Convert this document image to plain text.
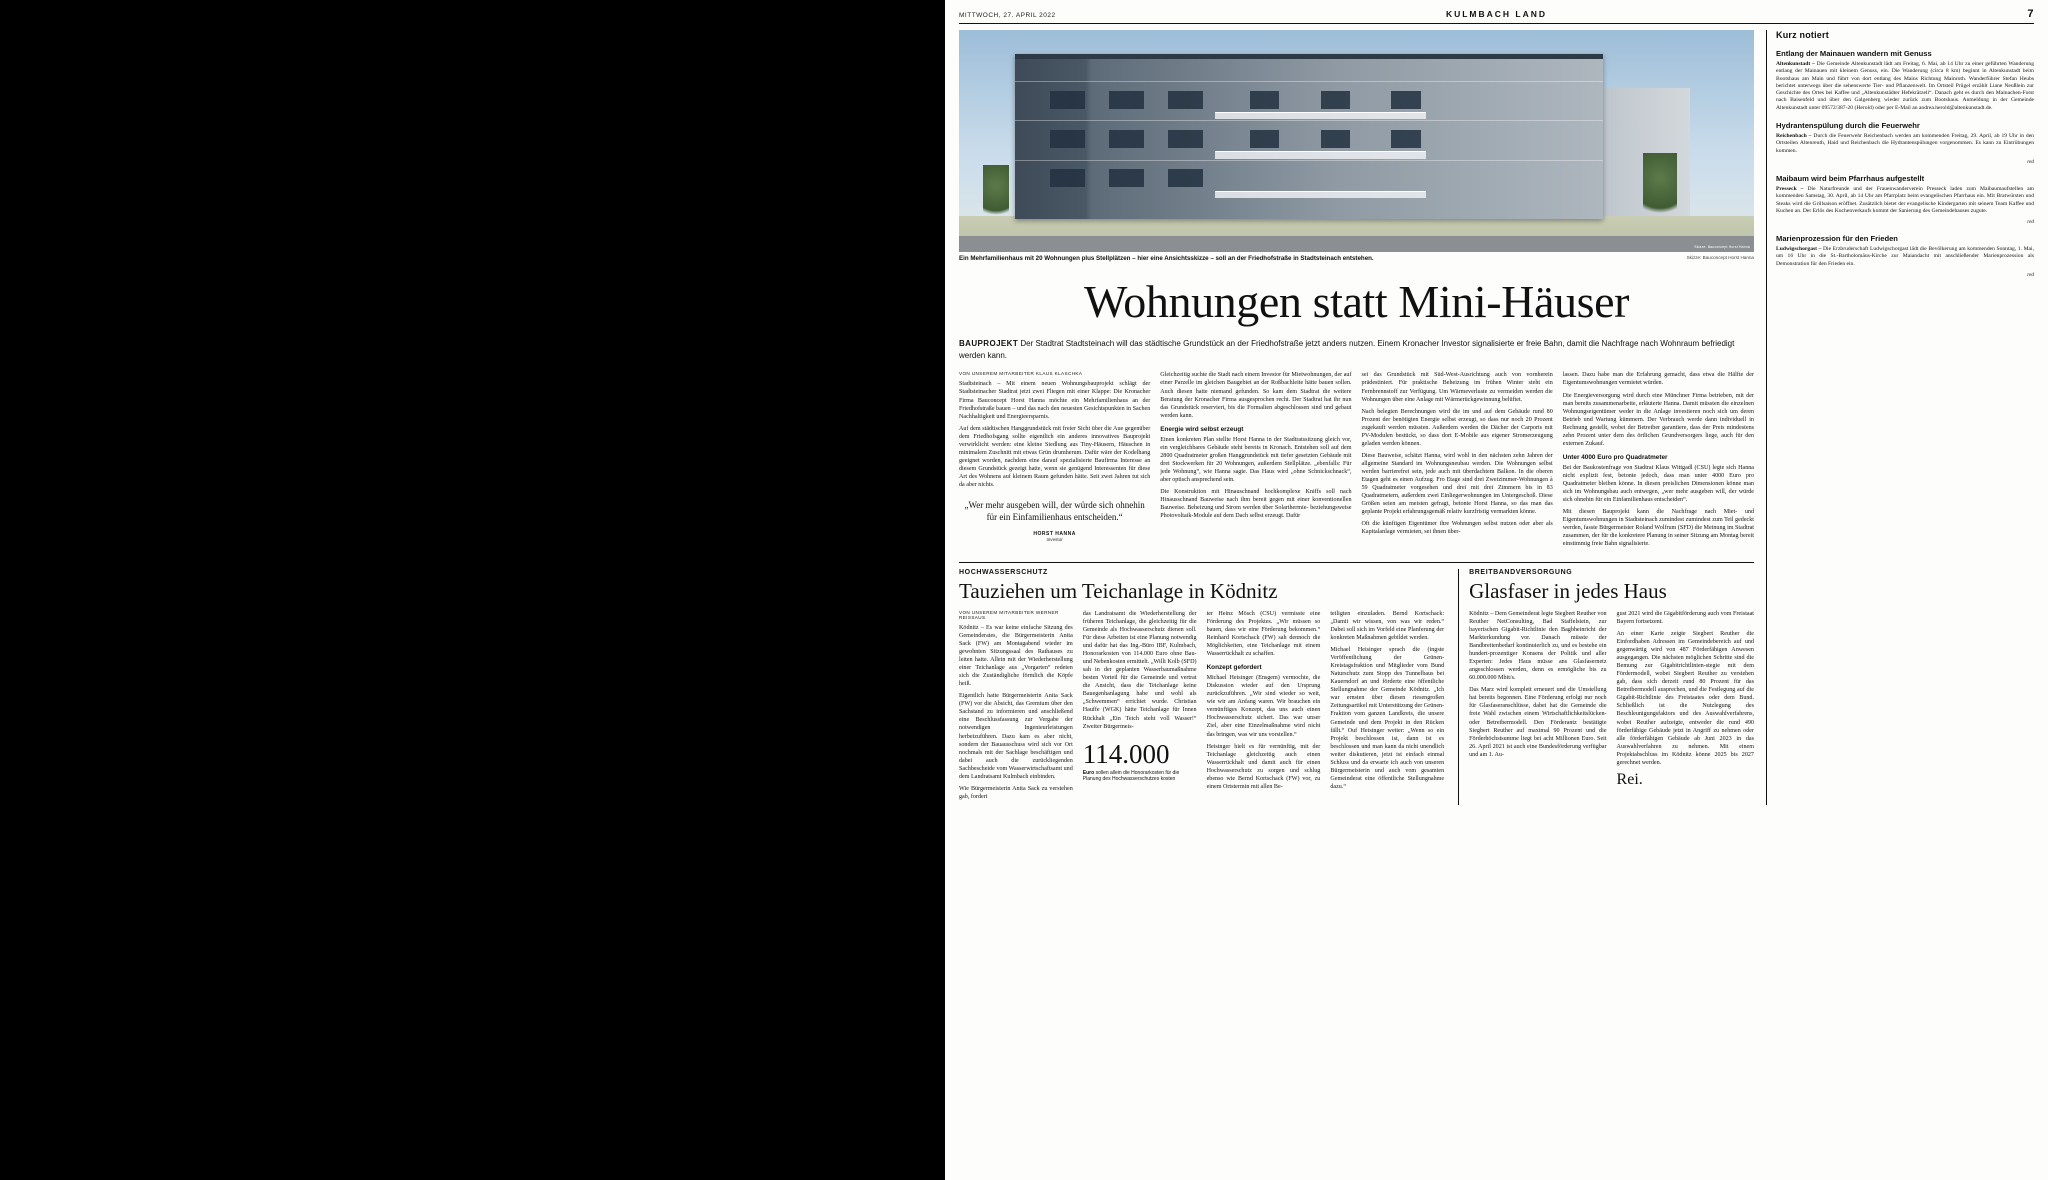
MITTWOCH, 27. APRIL 2022	KULMBACH LAND	7
Skizze: Bauconcept Horst Hanna
Ein Mehrfamilienhaus mit 20 Wohnungen plus Stellplätzen – hier eine Ansichtsskizze – soll an der Friedhofstraße in Stadtsteinach entstehen.	Skizze: Bauconcept Horst Hanna
Wohnungen statt Mini-Häuser

BAUPROJEKT Der Stadtrat Stadtsteinach will das städtische Grundstück an der Friedhofstraße jetzt anders nutzen. Einem Kronacher Investor signalisierte er freie Bahn, damit die Nachfrage nach Wohnraum befriedigt werden kann.

VON UNSEREM MITARBEITER KLAUS KLASCHKA

Stadtsteinach – Mit einem neuen Wohnungsbauprojekt schlägt der Stadtsteinacher Stadtrat jetzt zwei Fliegen mit einer Klappe: Die Kronacher Firma Bauconcept Horst Hanna möchte ein Mehrfamilienhaus an der Friedhofstraße bauen – und das nach den neuesten Gesichtspunkten in Sachen Nachhaltigkeit und Energieersparnis.

Auf dem städtischen Hanggrundstück mit freier Sicht über die Aue gegenüber dem Friedhofsgang sollte eigentlich ein anderes innovatives Bauprojekt verwirklicht werden: eine kleine Siedlung aus Tiny-Häusern, Häuschen in minimalem Zuschnitt mit etwas Grün drumherum. Dafür wäre der Kodelhang geeignet worden, nachdem eine darauf spezialisierte Baufirma Interesse an diesem Grundstück gezeigt hatte, wenn sie genügend Interessenten für diese Art des Wohnens auf kleinem Raum gefunden hätte. Seit zwei Jahren tut sich da aber nichts.

„Wer mehr ausgeben will, der würde sich ohnehin für ein Einfamilienhaus entscheiden.“
HORST HANNA
Investor

Gleichzeitig suchte die Stadt nach einem Investor für Mietwohnungen, der auf einer Parzelle im gleichen Baugebiet an der Roßbachleite hätte bauen sollen. Auch diesen hatte niemand gefunden. So kam dem Stadtrat die weitere Beratung der Kronacher Firma ausgesprochen recht. Der Stadtrat hat ihr nun das Grundstück reserviert, bis die Formalien abgeschlossen sind und gebaut werden kann.

Energie wird selbst erzeugt

Einen konkreten Plan stellte Horst Hanna in der Stadtratssitzung gleich vor, ein vergleichbares Gebäude steht bereits in Kronach. Entstehen soll auf dem 2800 Quadratmeter großen Hanggrundstück mit tiefer gesetzten Gebäude mit drei Stockwerken für 20 Wohnungen, außerdem Stellplätze. „ebenfalls: Für jede Wohnung“, wie Hanna sagte. Das Haus wird „ohne Schnickschnack“, aber optisch ansprechend sein.

Die Konstruktion mit Hinauschnand hochkomplexe Kniffs soll nach Hinausschnand Bauweise nach ihm bereit gegen mit einer konventionellen Bauweise. Beheizung und Strom werden über Solarthermie- beziehungsweise Photovoltaik-Module auf dem Dach selbst erzeugt. Dafür

sei das Grundstück mit Süd-West-Ausrichtung auch von vornherein prädestiniert. Für praktische Beheizung im frühen Winter steht ein Fernbrennstoff zur Verfügung. Um Wärmeverluste zu vermeiden werden die Wohnungen über eine Anlage mit Wärmerückgewinnung belüftet.

Nach belegten Berechnungen wird die im und auf dem Gebäude rund 80 Prozent der benötigten Energie selbst erzeugt, so dass nur noch 20 Prozent zugekauft werden müssten. Außerdem werden die Dächer der Carports mit PV-Modulen bestückt, so dass dort E-Mobile aus eigener Stromerzeugung geladen werden können.

Diese Bauweise, schätzt Hanna, wird wohl in den nächsten zehn Jahren der allgemeine Standard im Wohnungsneubau werden. Die Wohnungen selbst werden barrierefrei sein, jede auch mit überdachtem Balkon. In die oberen Etagen geht es einen Aufzug. Fro Etage sind drei Zweizimmer-Wohnungen à 59 Quadratmeter vorgesehen und drei mit drei Zimmern bis in 83 Quadratmetern, außerdem zwei Einliegerwohnungen im Untergeschoß. Diese Größen seien am meisten gefragt, betonte Horst Hanna, so das man das geplante Projekt erfahrungsgemäß relativ kurzfristig vermarkten könne.

Oft die künftigen Eigentümer ihre Wohnungen selbst nutzen oder aber als Kapitalanlage vermieten, sei ihnen über-

lassen. Dazu habe man die Erfahrung gemacht, dass etwa die Hälfte der Eigentumswohnungen vermietet würden.

Die Energieversorgung wird durch eine Münchner Firma betrieben, mit der man bereits zusammenarbeite, erläuterte Hanna. Damit müssten die einzelnen Wohnungseigentümer weder in die Anlage investieren noch sich um deren Betrieb und Wartung kümmern. Der Verbrauch werde dann individuell in Rechnung gestellt, wobei der Betreiber garantiere, dass der Preis mindestens zehn Prozent unter dem des örtlichen Grundversorgers liege, auch für den externen Zukauf.

Unter 4000 Euro pro Quadratmeter

Bei der Baukostenfrage von Stadtrat Klaus Wittgadl (CSU) legte sich Hanna nicht explizit fest, betonte jedoch, dass man unter 4000 Euro pro Quadratmeter bleiben könne. In diesen preislichen Dimensionen könne man sich im Wohnungsbau auch entwegen, „wer mehr ausgeben will, der würde sich ohnehin für ein Einfamilienhaus entscheiden“.

Mit diesen Bauprojekt kann die Nachfrage nach Miet- und Eigentumswohnungen in Stadtsteinach zumindest zumindest zum Teil gedeckt werden, fasste Bürgermeister Roland Wolfrum (SFD) die Meinung im Stadtrat zusammen, der für die konkretere Planung in seiner Sitzung am Montag bereit einstimmig freie Bahn signalisierte.

HOCHWASSERSCHUTZ
Tauziehen um Teichanlage in Ködnitz
VON UNSEREM MITARBEITER WERNER REISSAUS

Ködnitz – Es war keine einfache Sitzung des Gemeinderates, die Bürgermeisterin Anita Sack (FW) am Montagabend wieder im gewohnten Sitzungssaal des Rathauses zu leiten hatte. Allein mit der Wiederherstellung einer Teichanlage aus „Vorgarten“ redeten sich die Zuständigliche förmlich die Köpfe heiß.

Eigentlich hatte Bürgermeisterin Anita Sack (FW) vor die Absicht, das Gremium über den Sachstand zu informieren und anschließend eine Beschlussfassung zur Vergabe der notwendigen Ingenieurleistungen herbeizuführen. Dazu kam es aber nicht, sondern der Bauausschuss wird sich vor Ort nochmals mit der Sachlage beschäftigen und dabei auch die zurückliegenden Sachbescheide vom Wasserwirtschaftsamt und dem Landratsamt Kulmbach einbinden.

Wie Bürgermeisterin Anita Sack zu verstehen gab, fordert

das Landratsamt die Wiederherstellung der früheren Teichanlage, die gleichzeitig für die Gemeinde als Hochwasserschutz dienen soll. Für diese Arbeiten ist eine Planung notwendig und dafür hat das Ing.-Büro IBF, Kulmbach, Honorarkosten von 114.000 Euro ohne Bau- und Nebenkosten ermittelt. „Willi Kolb (SFD) sah in der geplanten Wasserbaumaßnahme besten Vorteil für die Gemeinde und vertrat die Ansicht, dass die Teichanlage keine Bauegenhanlagung habe und wohl als „Schwemmen“ errichtet wurde. Christian Hauffe (WGK) hätte Teichanlage für Innen Rückhalt „Ein Teich steht voll Wasser!“ Zweiter Bürgermeis-

114.000
Euro sollen allein die Honorarkosten für die Planung des Hochwasserschutzes kosten

ter Heinz Mösch (CSU) vermisste eine Förderung des Projektes. „Wir müssen so bauen, dass wir eine Förderung bekommen.“ Reinhard Kortschack (FW) sah dennoch die Möglichkeiten, eine Teichanlage mit einem Wasserrückhalt zu schaffen.

Konzept gefordert

Michael Heisinger (Ensgem) vermochte, die Diskussion wieder auf den Ursprung zurückzuführen. „Wir sind wieder so weit, wie wir am Anfang waren. Wir brauchen ein vernünftiges Konzept, das uns auch einen Hochwasserschutz sichert. Das war unser Ziel, aber eine Einzelmaßnahme wird nicht das bringen, was wir uns vorstellen.“

Heisinger hielt es für vernünftig, mit der Teichanlage gleichzeitig auch einen Wasserrückhalt und damit auch für einen Hochwasserschutz zu sorgen und schlug ebenso wie Bernd Kortschack (FW) vor, zu einem Ortstermin mit allen Be-

teiligten einzuladen. Bernd Kortschack: „Damit wir wissen, von was wir reden.“ Dabei soll sich im Vorfeld eine Planferung der konkreten Maßnahmen gebildet werden.

Michael Heisinger sprach die (ingste Veröffentlichung der Grünen-Kreistagsfraktion und Mitglieder vom Bund Naturschutz zum Stopp des Tunnelbaus bei Kauerndorf an und förderte eine öffentliche Stellungnahme der Gemeinde Ködnitz. „Ich war ernsten über diesen riesengroßen Zeitungsartikel mit Unterstützung der Grünen-Fraktion vom ganzen Landkreis, die unsere Gemeinde und dem Projekt in den Rücken fällt.“ Ouf Heisinger weiter: „Wenn so ein Projekt beschlossen ist, dann ist es beschlossen und man kann da nicht unendlich weiter diskutieren, jetzt ist einfach einmal Schluss und da erwarte ich auch von unseren Bürgermeisterin und auch vom gesamten Gemeinderat eine öffentliche Stellungnahme dazu.“

BREITBANDVERSORGUNG
Glasfaser in jedes Haus

Ködnitz – Dem Gemeinderat legte Siegbert Reuther von Reuther NetConsulting, Bad Staffelstein, zur bayerischen Gigabit-Richtlinie den Bagbheinricht der Markterkundung vor. Danach müsste der Bandbreitenbedarf kontinuierlich zu, und es bestehe ein hundert-prozentiger Konsens der Politik und aller Experten: Jedes Haus müsse ans Glasfasernetz angeschlossen werden, denn es ermögliche bis zu 60.000.000 Mbit/s.

Das Marz wird komplett erneuert und die Umstellung hat bereits begonnen. Eine Förderung erfolgt nur noch für Glasfaseranschlüsse, dabei hat die Gemeinde die freie Wahl zwischen einem Wirtschaftlichkeitslücken- oder Betreibermodell. Den Förderantz bestätigte Siegbert Reuther auf maximal 90 Prozent und die Förderhöchstsumme liegt bei acht Millionen Euro. Seit 26. April 2021 ist auch eine Bundesförderung verfügbar und am 1. Au-

gust 2021 wird die Gigabitförderung auch vom Freistaat Bayern fortsetzent.

An einer Karte zeigte Siegbert Reuther die Einfordhaben Adressen im Gemeindebereich auf und gegenwärtig wird von 487 Förderfähigen Anwesen ausgegangen. Die nächsten möglichen Schritte sind die Bemung zur Gigabitrichtlinien-stegie mit dem Fördermodell, wobei Siegbert Reuther zu verstehen gab, dass sich derzeit rund 80 Prozent für das Betreibermodell ausprechen, und die Festlegung auf die Gigabit-Richtlinie des Freistaates oder dem Bund. Schließlich ist die Nutzlegung des Beschleunigungsfaktors und des Auswahlverfahrens, wobei Reuther aufzeigte, entweder die rund 490 förderfähige Gebäude jetzt in Angriff zu nehmen oder alle förderfähigen Gebäude ab Juni 2023 in das Auswahlverfahren zu nehmen. Mit einem Projektabschluss im Ködnitz könne 2025 bis 2027 gerechnet werden.

Rei.
Kurz notiert
Entlang der Mainauen wandern mit Genuss

Altenkunstadt – Die Gemeinde Altenkunstadt lädt am Freitag, 6. Mai, ab 14 Uhr zu einer geführten Wanderung entlang der Mainauen mit kleinem Genuss, ein. Die Wanderung (circa 8 km) beginnt in Altenkunstadt beim Bootshaus am Main und führt von dort entlang des Mains Richtung Mainroth. Wanderführer Stefan Heubs berichtet unterwegs über die sehenswerte Tier- und Pflanzenwelt. Im Ortsteil Prügel erzählt Liane Neußlein zur Geschichte des Ortes bei Kaffee und „Altenkunstädter Hefekrätzeli“. Danach geht es durch den Mainachen-Forst nach Baisenfeld und über den Galgenberg wieder zurück zum Bootshaus. Anmeldung in der Gemeinde Altenkunstadt unter 09572/387-20 (Herold) oder per E-Mail an andrea.herold@altenkunstadt.de.

Hydrantenspülung durch die Feuerwehr

Reichenbach – Durch die Feuerwehr Reichenbach werden am kommenden Freitag, 29. April, ab 19 Uhr in den Ortsteilen Altenreuth, Haid und Reichenbach die Hydrantenspülungen vorgenommen. Es kann zu Eintrübungen kommen.

red
Maibaum wird beim Pfarrhaus aufgestellt

Presseck – Die Naturfreunde und der Frauenwanderverein Presseck laden zum Maibaumaufstellen am kommenden Samstag, 30. April, ab 14 Uhr am Pfarrplatz beim evangelischen Pfarrhaus ein. Mit Bratwürsten und Steaks wird die Grillsaison eröffnet. Zusätzlich bietet der evangelische Kindergarten mit seinem Team Kaffee und Kuchen an. Der Erlös des Kuchenverkaufs kommt der Sanierung des Gemeindehauses zugute.

red
Marienprozession für den Frieden

Ludwigschorgast – Die Erzbruderschaft Ludwigschorgast lädt die Bevölkerung am kommenden Sonntag, 1. Mai, um 16 Uhr in die St.-Bartholomäus-Kirche zur Maiandacht mit anschließender Marienprozession als Demonstration für den Frieden ein.

red
